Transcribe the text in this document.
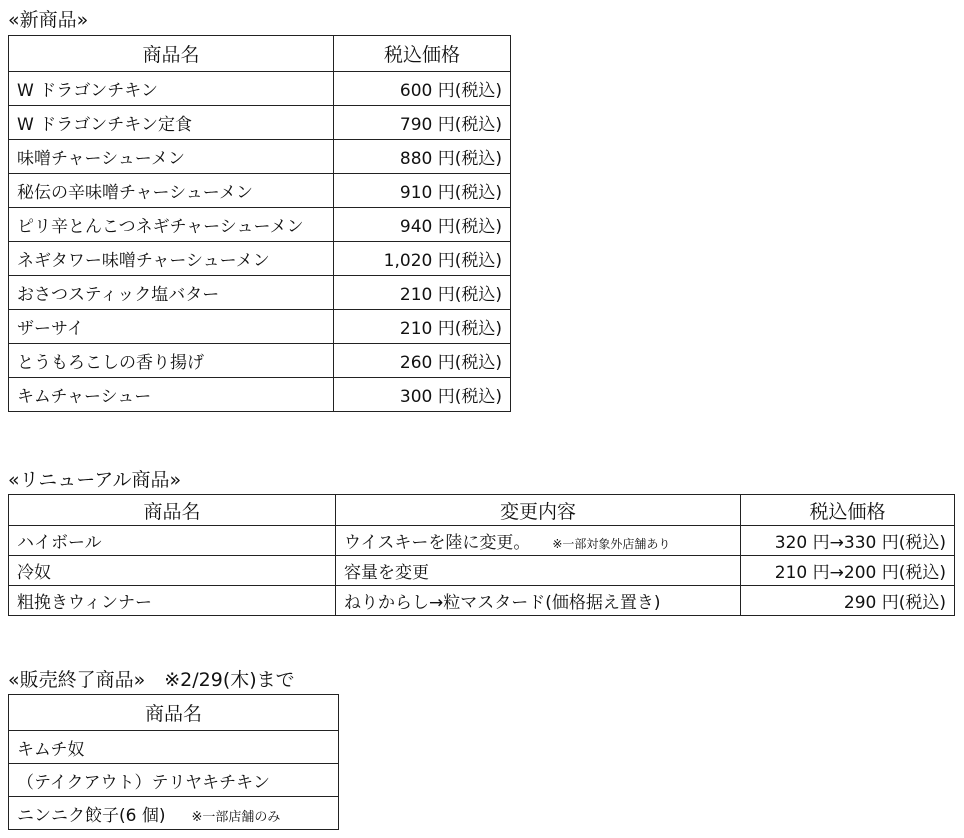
«新商品»
商品名	税込価格
W ドラゴンチキン	600 円(税込)
W ドラゴンチキン定食	790 円(税込)
味噌チャーシューメン	880 円(税込)
秘伝の辛味噌チャーシューメン	910 円(税込)
ピリ辛とんこつネギチャーシューメン	940 円(税込)
ネギタワー味噌チャーシューメン	1,020 円(税込)
おさつスティック塩バター	210 円(税込)
ザーサイ	210 円(税込)
とうもろこしの香り揚げ	260 円(税込)
キムチャーシュー	300 円(税込)
«リニューアル商品»
商品名	変更内容	税込価格
ハイボール	ウイスキーを陸に変更。 ※一部対象外店舗あり	320 円→330 円(税込)
冷奴	容量を変更	210 円→200 円(税込)
粗挽きウィンナー	ねりからし→粒マスタード(価格据え置き)	290 円(税込)
«販売終了商品»　※2/29(木)まで
商品名
キムチ奴
（テイクアウト）テリヤキチキン
ニンニク餃子(6 個) ※一部店舗のみ
